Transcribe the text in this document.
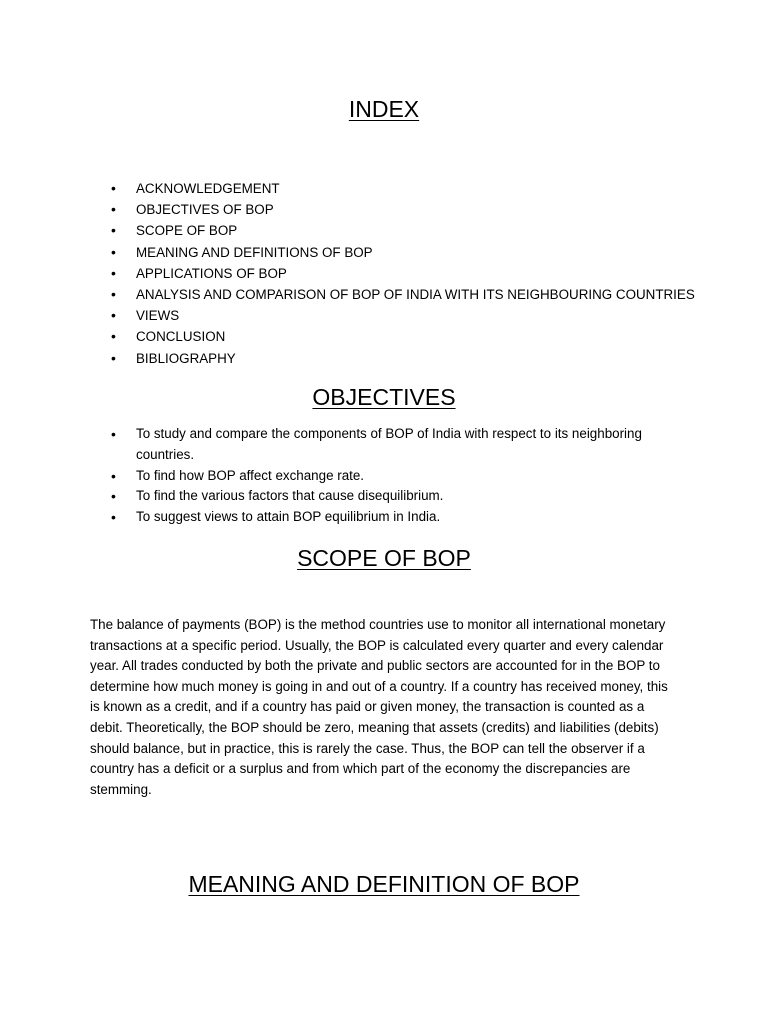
INDEX
• ACKNOWLEDGEMENT
• OBJECTIVES OF BOP
• SCOPE OF BOP
• MEANING AND DEFINITIONS OF BOP
• APPLICATIONS OF BOP
• ANALYSIS AND COMPARISON OF BOP OF INDIA WITH ITS NEIGHBOURING COUNTRIES
• VIEWS
• CONCLUSION
• BIBLIOGRAPHY
OBJECTIVES
• To study and compare the components of BOP of India with respect to its neighboring countries.
• To find how BOP affect exchange rate.
• To find the various factors that cause disequilibrium.
• To suggest views to attain BOP equilibrium in India.
SCOPE OF BOP

The balance of payments (BOP) is the method countries use to monitor all international monetary transactions at a specific period. Usually, the BOP is calculated every quarter and every calendar year. All trades conducted by both the private and public sectors are accounted for in the BOP to determine how much money is going in and out of a country. If a country has received money, this is known as a credit, and if a country has paid or given money, the transaction is counted as a debit. Theoretically, the BOP should be zero, meaning that assets (credits) and liabilities (debits) should balance, but in practice, this is rarely the case. Thus, the BOP can tell the observer if a country has a deficit or a surplus and from which part of the economy the discrepancies are stemming.

MEANING AND DEFINITION OF BOP
